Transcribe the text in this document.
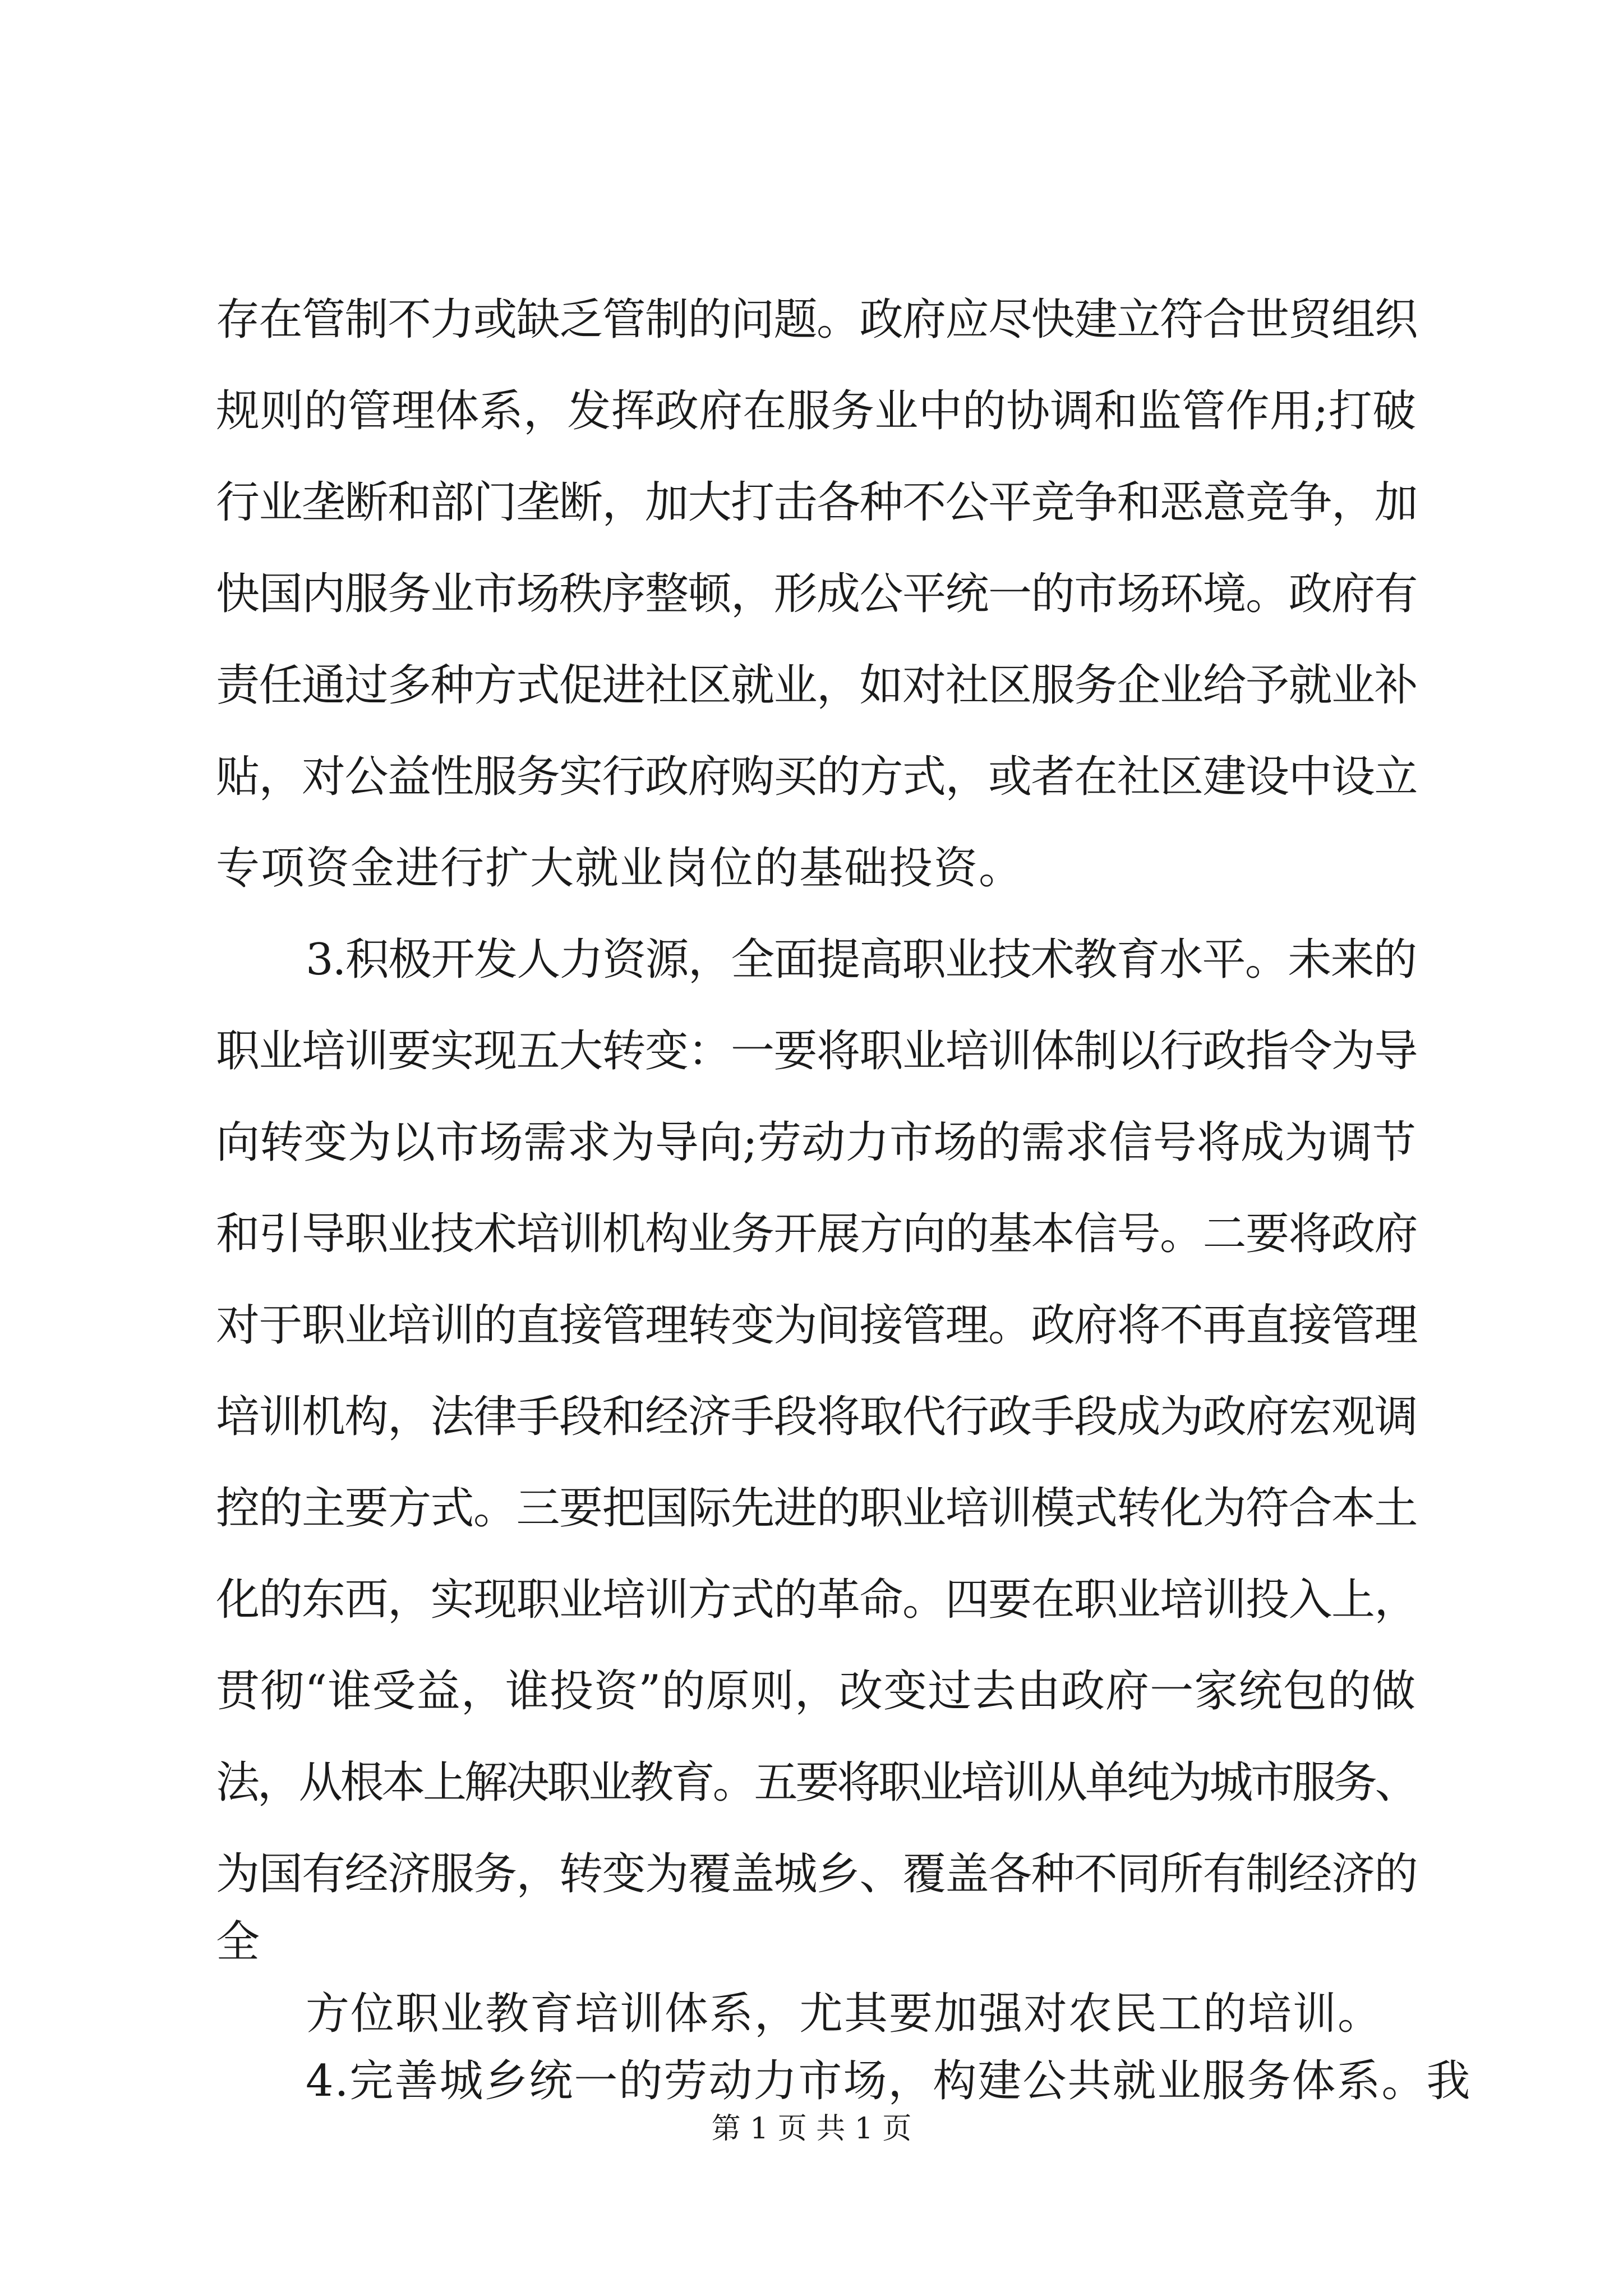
存在管制不力或缺乏管制的问题。政府应尽快建立符合世贸组织
规则的管理体系，发挥政府在服务业中的协调和监管作用;打破
行业垄断和部门垄断，加大打击各种不公平竞争和恶意竞争，加
快国内服务业市场秩序整顿，形成公平统一的市场环境。政府有
责任通过多种方式促进社区就业，如对社区服务企业给予就业补
贴，对公益性服务实行政府购买的方式，或者在社区建设中设立
专项资金进行扩大就业岗位的基础投资。
3.积极开发人力资源，全面提高职业技术教育水平。未来的
职业培训要实现五大转变：一要将职业培训体制以行政指令为导
向转变为以市场需求为导向;劳动力市场的需求信号将成为调节
和引导职业技术培训机构业务开展方向的基本信号。二要将政府
对于职业培训的直接管理转变为间接管理。政府将不再直接管理
培训机构，法律手段和经济手段将取代行政手段成为政府宏观调
控的主要方式。三要把国际先进的职业培训模式转化为符合本土
化的东西，实现职业培训方式的革命。四要在职业培训投入上，
贯彻“谁受益，谁投资”的原则，改变过去由政府一家统包的做
法，从根本上解决职业教育。五要将职业培训从单纯为城市服务、
为国有经济服务，转变为覆盖城乡、覆盖各种不同所有制经济的
全
方位职业教育培训体系，尤其要加强对农民工的培训。
第 1 页 共 1 页
4.完善城乡统一的劳动力市场，构建公共就业服务体系。我
